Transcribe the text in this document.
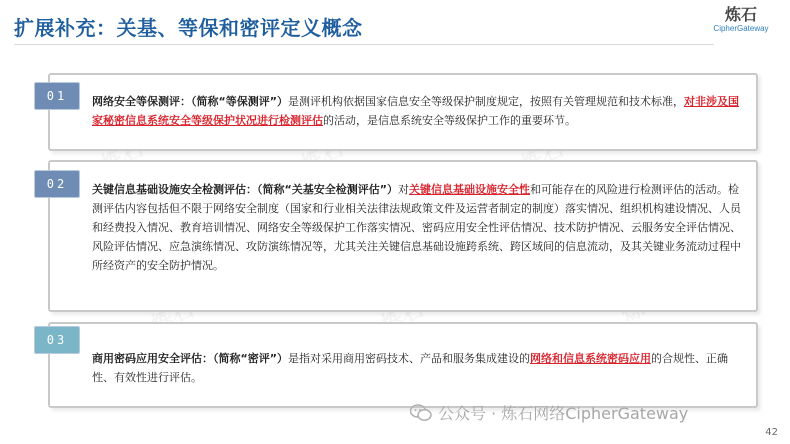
扩展补充：关基、等保和密评定义概念
炼石
CipherGateway
炼石	炼石	炼石
炼石	炼石
01	网络安全等保测评：（简称“等保测评”）是测评机构依据国家信息安全等级保护制度规定，按照有关管理规范和技术标准，对非涉及国家秘密信息系统安全等级保护状况进行检测评估的活动，是信息系统安全等级保护工作的重要环节。
02	关键信息基础设施安全检测评估：（简称“关基安全检测评估”）对关键信息基础设施安全性和可能存在的风险进行检测评估的活动。检测评估内容包括但不限于网络安全制度（国家和行业相关法律法规政策文件及运营者制定的制度）落实情况、组织机构建设情况、人员和经费投入情况、教育培训情况、网络安全等级保护工作落实情况、密码应用安全性评估情况、技术防护情况、云服务安全评估情况、风险评估情况、应急演练情况、攻防演练情况等，尤其关注关键信息基础设施跨系统、跨区域间的信息流动，及其关键业务流动过程中所经资产的安全防护情况。
03
商用密码应用安全评估：（简称“密评”）是指对采用商用密码技术、产品和服务集成建设的网络和信息系统密码应用的合规性、正确性、有效性进行评估。
公众号 · 炼石网络CipherGateway
42
